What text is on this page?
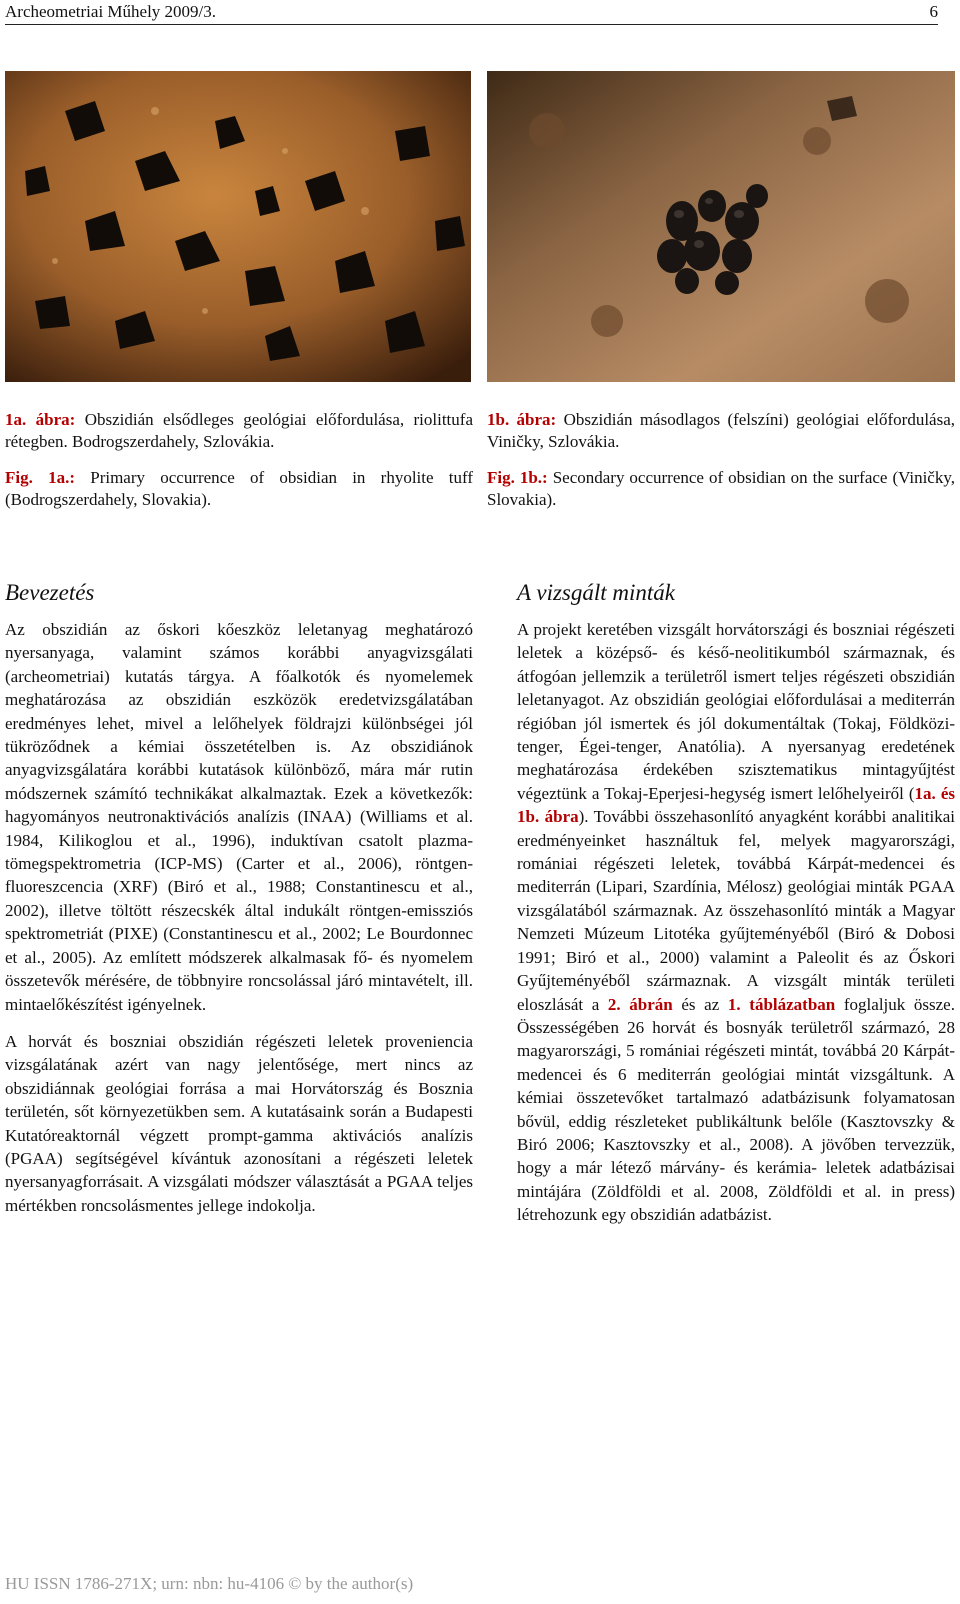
Archeometriai Műhely 2009/3.	6

1a. ábra: Obszidián elsődleges geológiai előfordulása, riolittufa rétegben. Bodrogszerdahely, Szlovákia.

Fig. 1a.: Primary occurrence of obsidian in rhyolite tuff (Bodrogszerdahely, Slovakia).

1b. ábra: Obszidián másodlagos (felszíni) geológiai előfordulása, Viničky, Szlovákia.

Fig. 1b.: Secondary occurrence of obsidian on the surface (Viničky, Slovakia).

Bevezetés

Az obszidián az őskori kőeszköz leletanyag meghatározó nyersanyaga, valamint számos korábbi anyagvizsgálati (archeometriai) kutatás tárgya. A főalkotók és nyomelemek meghatározása az obszidián eszközök eredetvizsgálatában eredményes lehet, mivel a lelőhelyek földrajzi különbségei jól tükröződnek a kémiai összetételben is. Az obszidiánok anyagvizsgálatára korábbi kutatások különböző, mára már rutin módszernek számító technikákat alkalmaztak. Ezek a következők: hagyományos neutronaktivációs analízis (INAA) (Williams et al. 1984, Kilikoglou et al., 1996), induktívan csatolt plazma-tömegspektrometria (ICP-MS) (Carter et al., 2006), röntgen-fluoreszcencia (XRF) (Biró et al., 1988; Constantinescu et al., 2002), illetve töltött részecskék által indukált röntgen-emissziós spektrometriát (PIXE) (Constantinescu et al., 2002; Le Bourdonnec et al., 2005). Az említett módszerek alkalmasak fő- és nyomelem összetevők mérésére, de többnyire roncsolással járó mintavételt, ill. mintaelőkészítést igényelnek.

A horvát és boszniai obszidián régészeti leletek proveniencia vizsgálatának azért van nagy jelentősége, mert nincs az obszidiánnak geológiai forrása a mai Horvátország és Bosznia területén, sőt környezetükben sem. A kutatásaink során a Budapesti Kutatóreaktornál végzett prompt-gamma aktivációs analízis (PGAA) segítségével kívántuk azonosítani a régészeti leletek nyersanyagforrásait. A vizsgálati módszer választását a PGAA teljes mértékben roncsolásmentes jellege indokolja.

A vizsgált minták

A projekt keretében vizsgált horvátországi és boszniai régészeti leletek a középső- és késő-neolitikumból származnak, és átfogóan jellemzik a területről ismert teljes régészeti obszidián leletanyagot. Az obszidián geológiai előfordulásai a mediterrán régióban jól ismertek és jól dokumentáltak (Tokaj, Földközi-tenger, Égei-tenger, Anatólia). A nyersanyag eredetének meghatározása érdekében szisztematikus mintagyűjtést végeztünk a Tokaj-Eperjesi-hegység ismert lelőhelyeiről (1a. és 1b. ábra). További összehasonlító anyagként korábbi analitikai eredményeinket használtuk fel, melyek magyarországi, romániai régészeti leletek, továbbá Kárpát-medencei és mediterrán (Lipari, Szardínia, Mélosz) geológiai minták PGAA vizsgálatából származnak. Az összehasonlító minták a Magyar Nemzeti Múzeum Litotéka gyűjteményéből (Biró & Dobosi 1991; Biró et al., 2000) valamint a Paleolit és az Őskori Gyűjteményéből származnak. A vizsgált minták területi eloszlását a 2. ábrán és az 1. táblázatban foglaljuk össze. Összességében 26 horvát és bosnyák területről származó, 28 magyarországi, 5 romániai régészeti mintát, továbbá 20 Kárpát-medencei és 6 mediterrán geológiai mintát vizsgáltunk. A kémiai összetevőket tartalmazó adatbázisunk folyamatosan bővül, eddig részleteket publikáltunk belőle (Kasztovszky & Biró 2006; Kasztovszky et al., 2008). A jövőben tervezzük, hogy a már létező márvány- és kerámia- leletek adatbázisai mintájára (Zöldföldi et al. 2008, Zöldföldi et al. in press) létrehozunk egy obszidián adatbázist.

HU ISSN 1786-271X; urn: nbn: hu-4106 © by the author(s)
